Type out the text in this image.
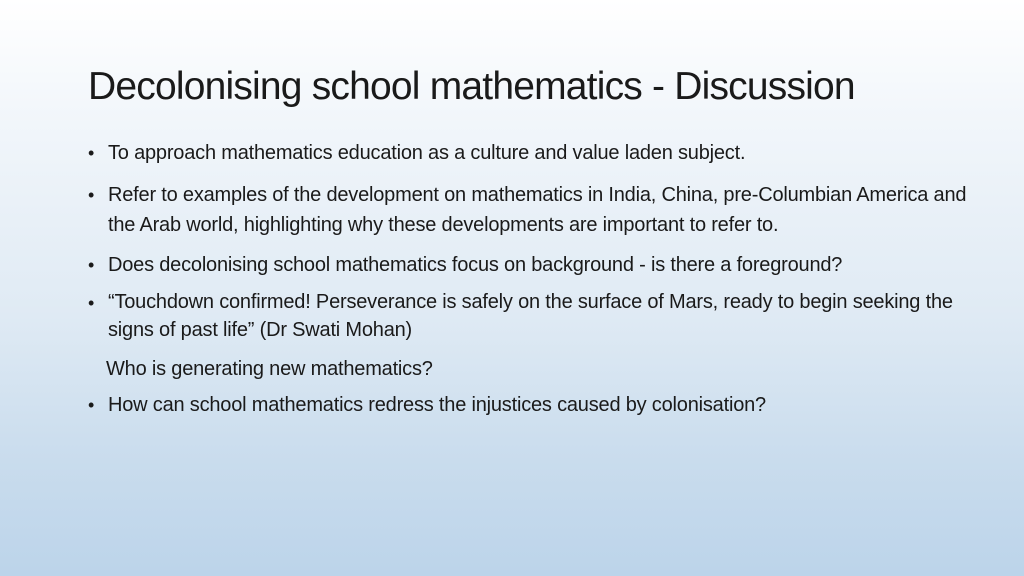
Decolonising school mathematics - Discussion
• To approach mathematics education as a culture and value laden subject.
• Refer to examples of the development on mathematics in India, China, pre-Columbian America and the Arab world, highlighting why these developments are important to refer to.
• Does decolonising school mathematics focus on background - is there a foreground?
• “Touchdown confirmed! Perseverance is safely on the surface of Mars, ready to begin seeking the signs of past life” (Dr Swati Mohan)
Who is generating new mathematics?
• How can school mathematics redress the injustices caused by colonisation?
